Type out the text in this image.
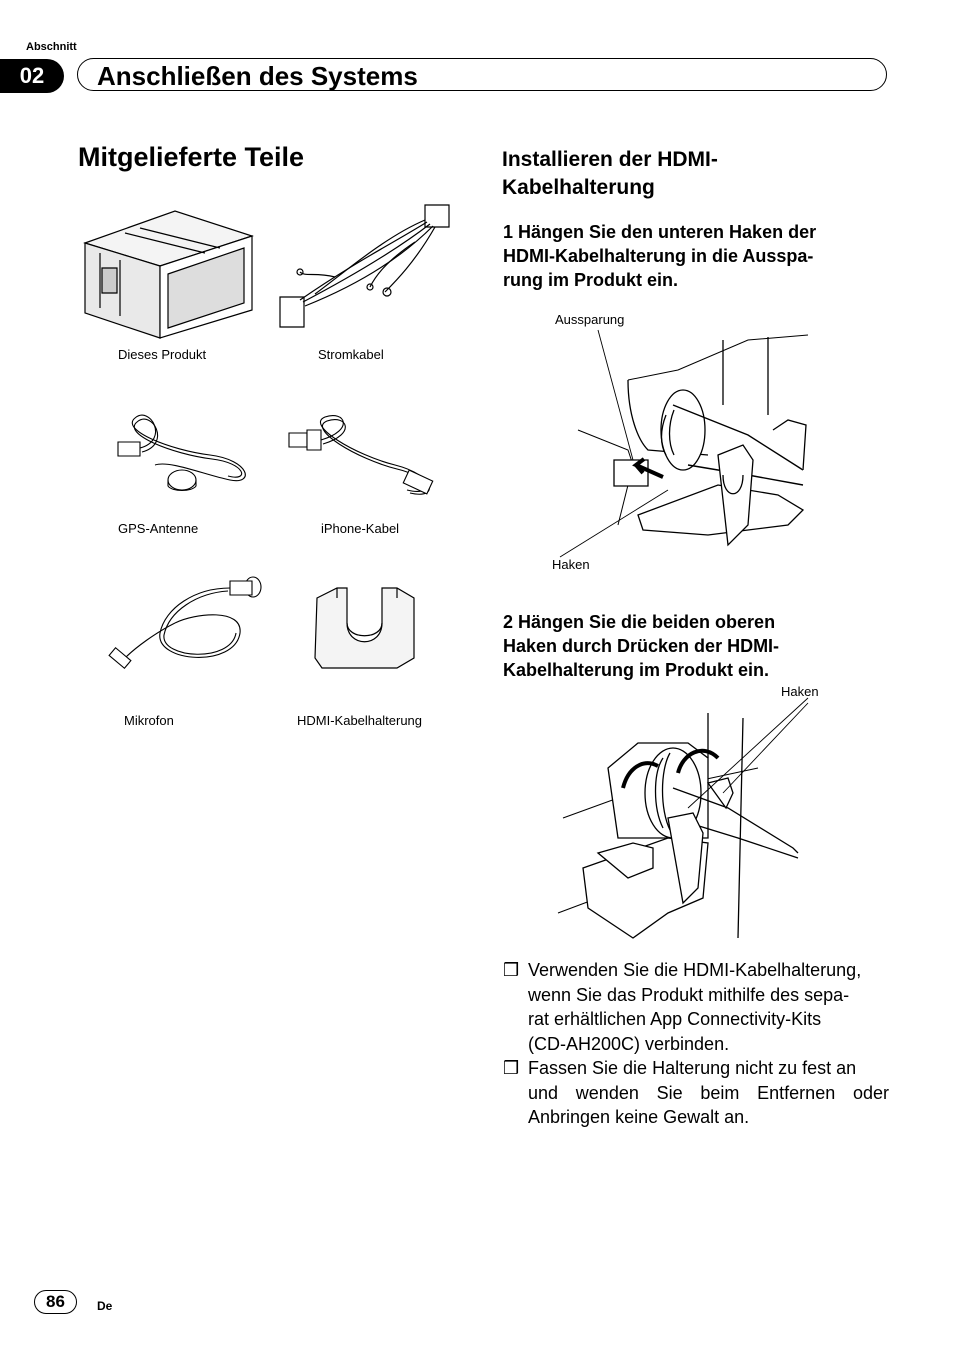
Abschnitt
02	Anschließen des Systems
Mitgelieferte Teile
Dieses Produkt	Stromkabel
GPS-Antenne	iPhone-Kabel
Mikrofon	HDMI-Kabelhalterung
Installieren der HDMI-
Kabelhalterung
1 Hängen Sie den unteren Haken der
HDMI-Kabelhalterung in die Ausspa-
rung im Produkt ein.
Aussparung
Haken
2 Hängen Sie die beiden oberen
Haken durch Drücken der HDMI-
Kabelhalterung im Produkt ein.
Haken
❒ Verwenden Sie die HDMI-Kabelhalterung,
wenn Sie das Produkt mithilfe des sepa-
rat erhältlichen App Connectivity-Kits
(CD-AH200C) verbinden.
❒ Fassen Sie die Halterung nicht zu fest an
und wenden Sie beim Entfernen oder
Anbringen keine Gewalt an.
86	De
